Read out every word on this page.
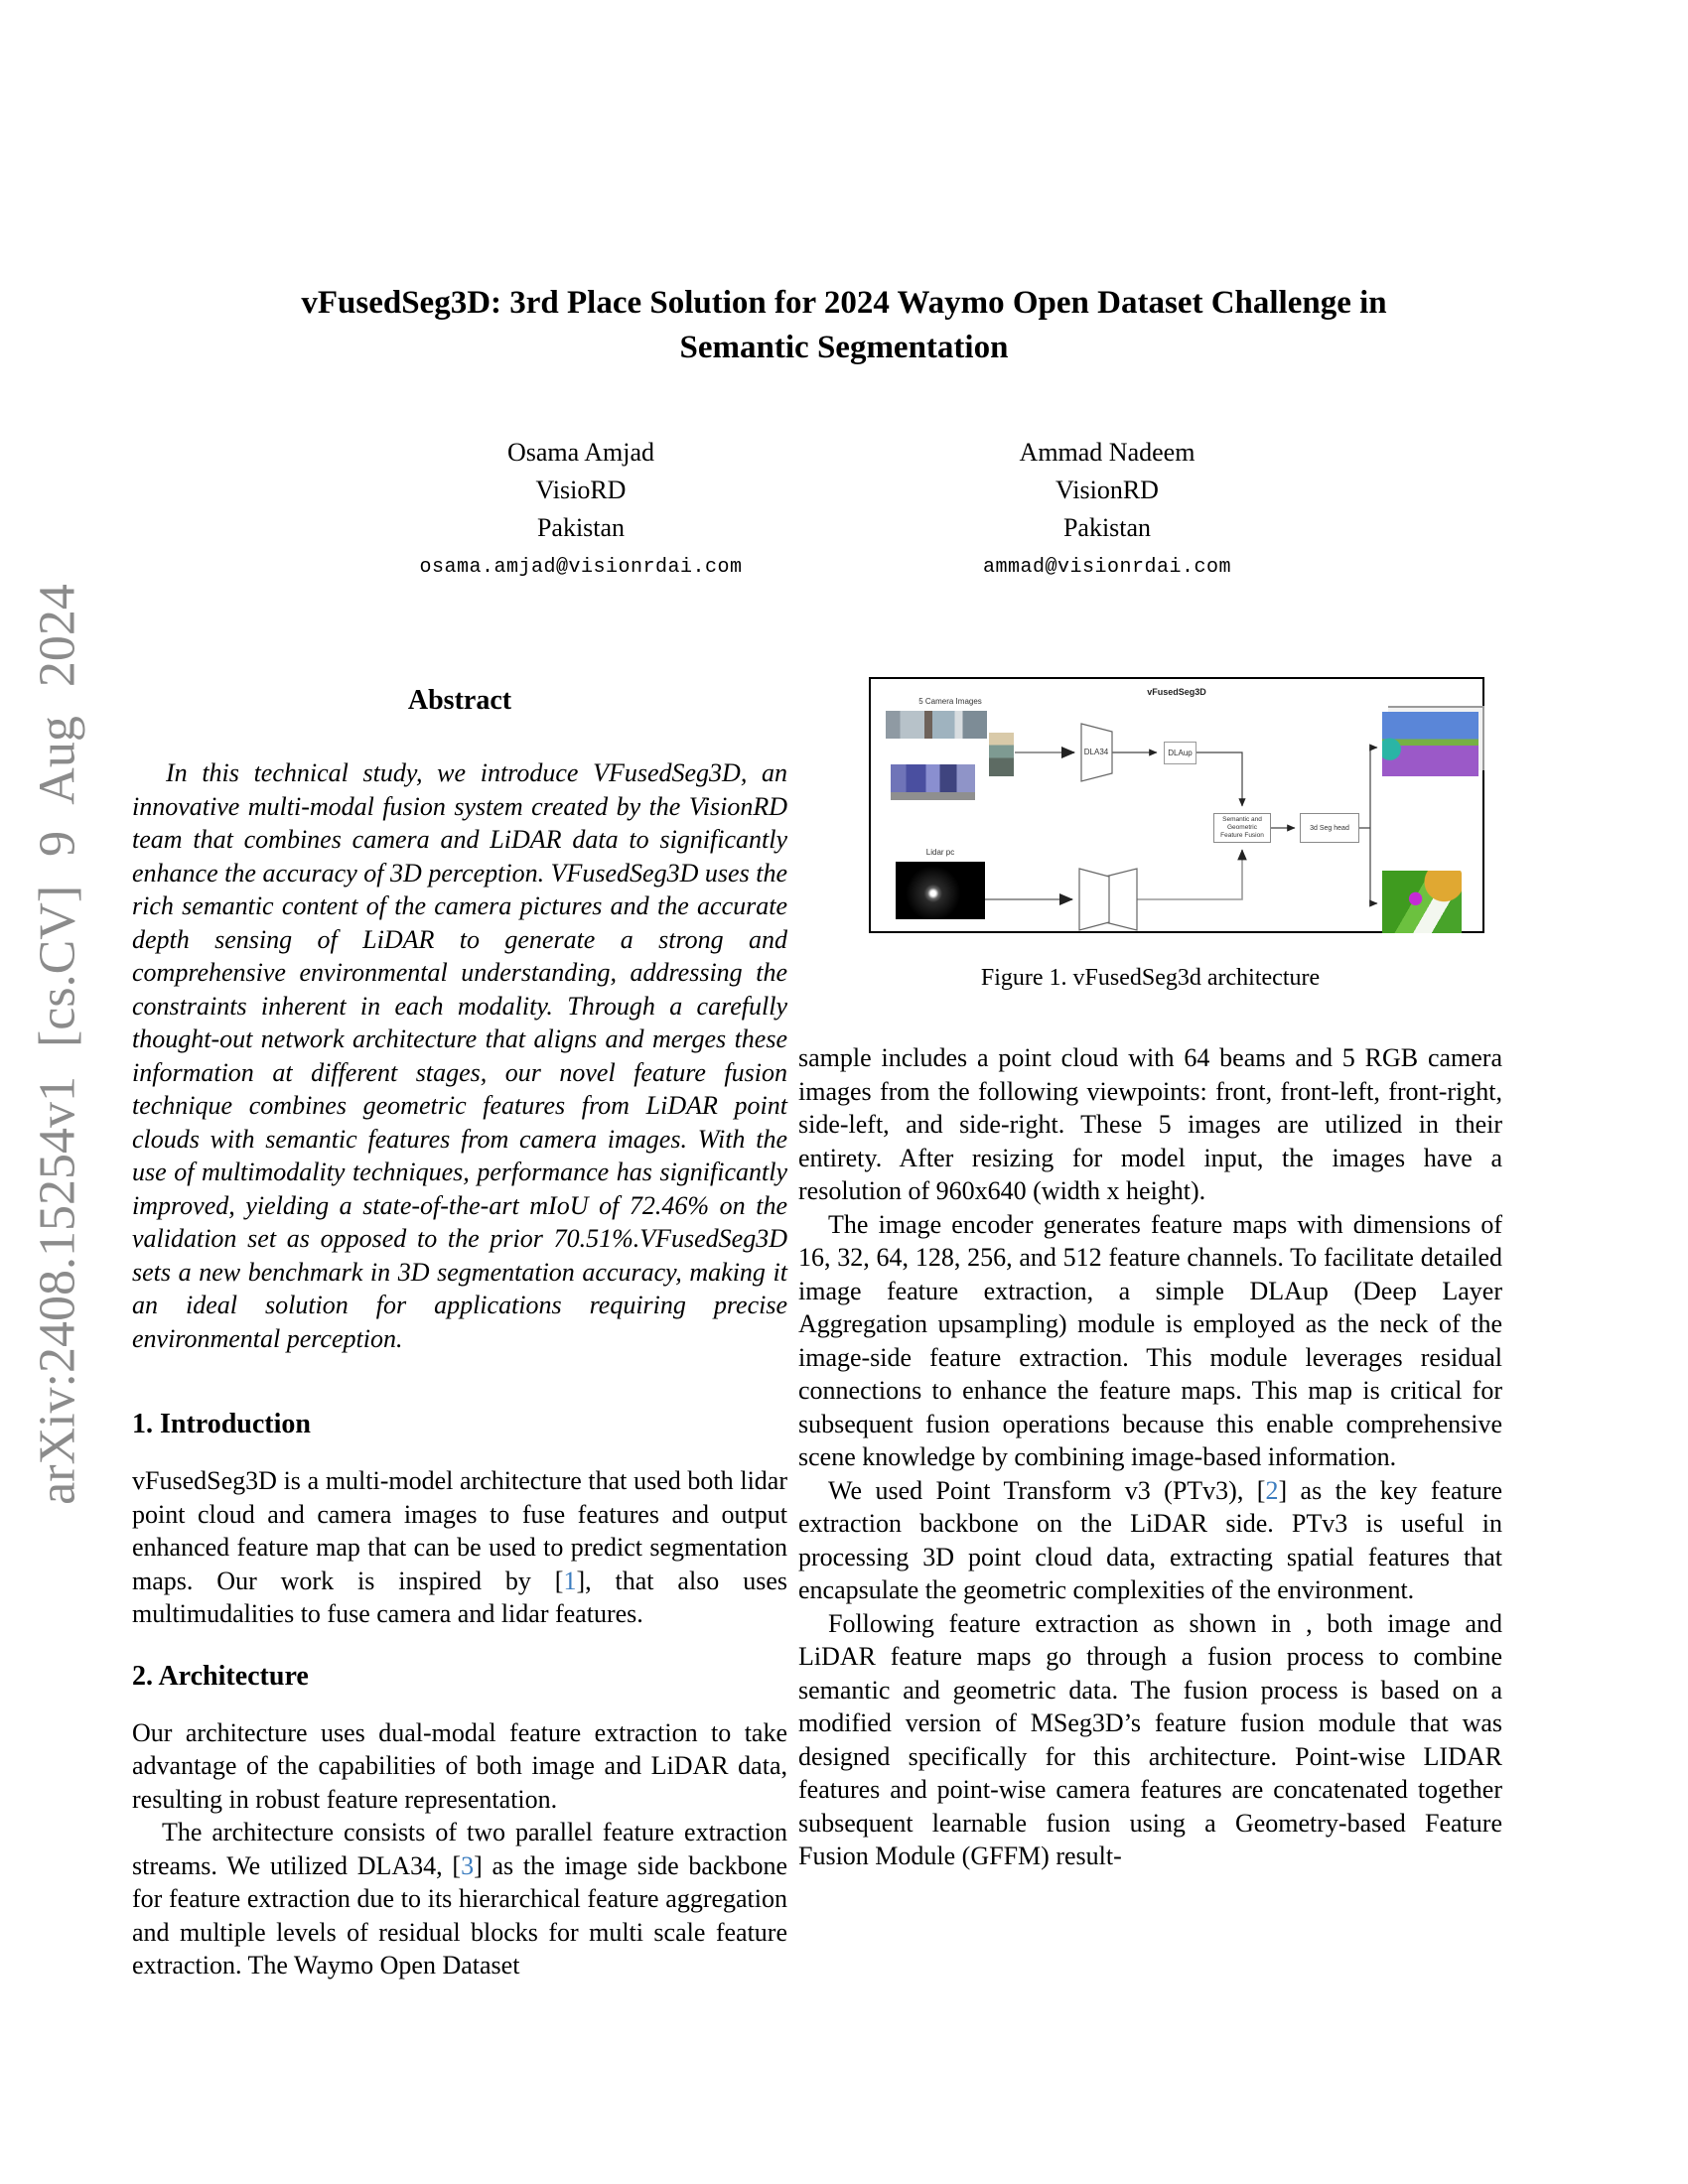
arXiv:2408.15254v1 [cs.CV] 9 Aug 2024
vFusedSeg3D: 3rd Place Solution for 2024 Waymo Open Dataset Challenge in
Semantic Segmentation
Osama Amjad
VisioRD
Pakistan
osama.amjad@visionrdai.com
Ammad Nadeem
VisionRD
Pakistan
ammad@visionrdai.com
Abstract

In this technical study, we introduce VFusedSeg3D, an innovative multi-modal fusion system created by the VisionRD team that combines camera and LiDAR data to significantly enhance the accuracy of 3D perception. VFusedSeg3D uses the rich semantic content of the camera pictures and the accurate depth sensing of LiDAR to generate a strong and comprehensive environmental understanding, addressing the constraints inherent in each modality. Through a carefully thought-out network architecture that aligns and merges these information at different stages, our novel feature fusion technique combines geometric features from LiDAR point clouds with semantic features from camera images. With the use of multimodality techniques, performance has significantly improved, yielding a state-of-the-art mIoU of 72.46% on the validation set as opposed to the prior 70.51%.VFusedSeg3D sets a new benchmark in 3D segmentation accuracy, making it an ideal solution for applications requiring precise environmental perception.

1. Introduction

vFusedSeg3D is a multi-model architecture that used both lidar point cloud and camera images to fuse features and output enhanced feature map that can be used to predict segmentation maps. Our work is inspired by [1], that also uses multimudalities to fuse camera and lidar features.

2. Architecture

Our architecture uses dual-modal feature extraction to take advantage of the capabilities of both image and LiDAR data, resulting in robust feature representation.

The architecture consists of two parallel feature extraction streams. We utilized DLA34, [3] as the image side backbone for feature extraction due to its hierarchical feature aggregation and multiple levels of residual blocks for multi scale feature extraction. The Waymo Open Dataset

vFusedSeg3D
5 Camera Images
Lidar pc
DLA34	DLAup
Semantic and Geometric Feature Fusion
3d Seg head
Figure 1. vFusedSeg3d architecture

sample includes a point cloud with 64 beams and 5 RGB camera images from the following viewpoints: front, front-left, front-right, side-left, and side-right. These 5 images are utilized in their entirety. After resizing for model input, the images have a resolution of 960x640 (width x height).

The image encoder generates feature maps with dimensions of 16, 32, 64, 128, 256, and 512 feature channels. To facilitate detailed image feature extraction, a simple DLAup (Deep Layer Aggregation upsampling) module is employed as the neck of the image-side feature extraction. This module leverages residual connections to enhance the feature maps. This map is critical for subsequent fusion operations because this enable comprehensive scene knowledge by combining image-based information.

We used Point Transform v3 (PTv3), [2] as the key feature extraction backbone on the LiDAR side. PTv3 is useful in processing 3D point cloud data, extracting spatial features that encapsulate the geometric complexities of the environment.

Following feature extraction as shown in , both image and LiDAR feature maps go through a fusion process to combine semantic and geometric data. The fusion process is based on a modified version of MSeg3D’s feature fusion module that was designed specifically for this architecture. Point-wise LIDAR features and point-wise camera features are concatenated together subsequent learnable fusion using a Geometry-based Feature Fusion Module (GFFM) result-
